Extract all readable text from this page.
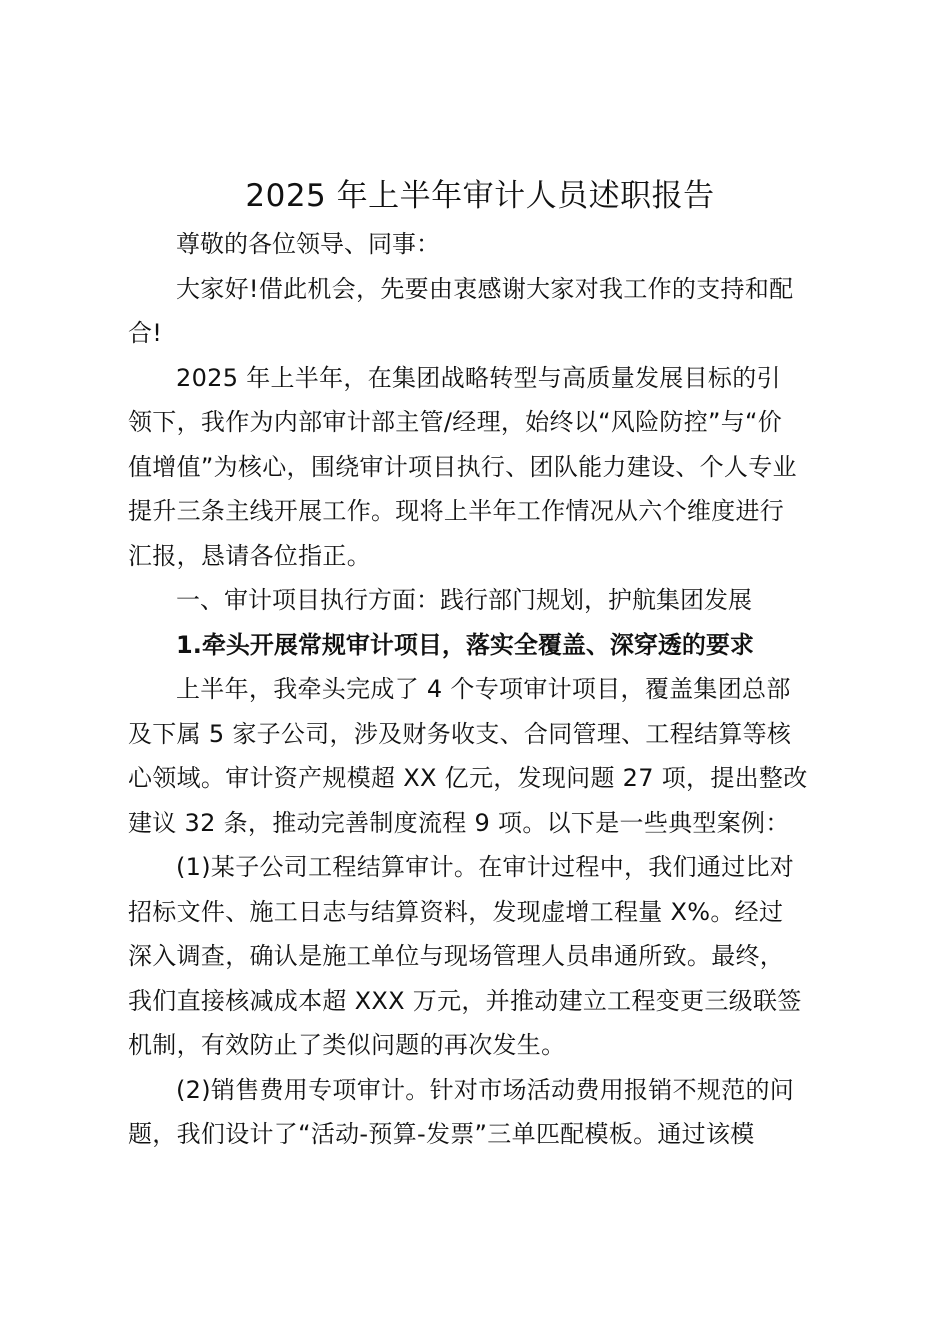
2025 年上半年审计人员述职报告

尊敬的各位领导、同事：

大家好!借此机会，先要由衷感谢大家对我工作的支持和配
合!
2025 年上半年，在集团战略转型与高质量发展目标的引
领下，我作为内部审计部主管/经理，始终以“风险防控”与“价
值增值”为核心，围绕审计项目执行、团队能力建设、个人专业
提升三条主线开展工作。现将上半年工作情况从六个维度进行
汇报，恳请各位指正。

一、审计项目执行方面：践行部门规划，护航集团发展

1.牵头开展常规审计项目，落实全覆盖、深穿透的要求

上半年，我牵头完成了 4 个专项审计项目，覆盖集团总部
及下属 5 家子公司，涉及财务收支、合同管理、工程结算等核
心领域。审计资产规模超 XX 亿元，发现问题 27 项，提出整改
建议 32 条，推动完善制度流程 9 项。以下是一些典型案例：
(1)某子公司工程结算审计。在审计过程中，我们通过比对
招标文件、施工日志与结算资料，发现虚增工程量 X%。经过
深入调查，确认是施工单位与现场管理人员串通所致。最终，
我们直接核减成本超 XXX 万元，并推动建立工程变更三级联签
机制，有效防止了类似问题的再次发生。
(2)销售费用专项审计。针对市场活动费用报销不规范的问
题，我们设计了“活动-预算-发票”三单匹配模板。通过该模
